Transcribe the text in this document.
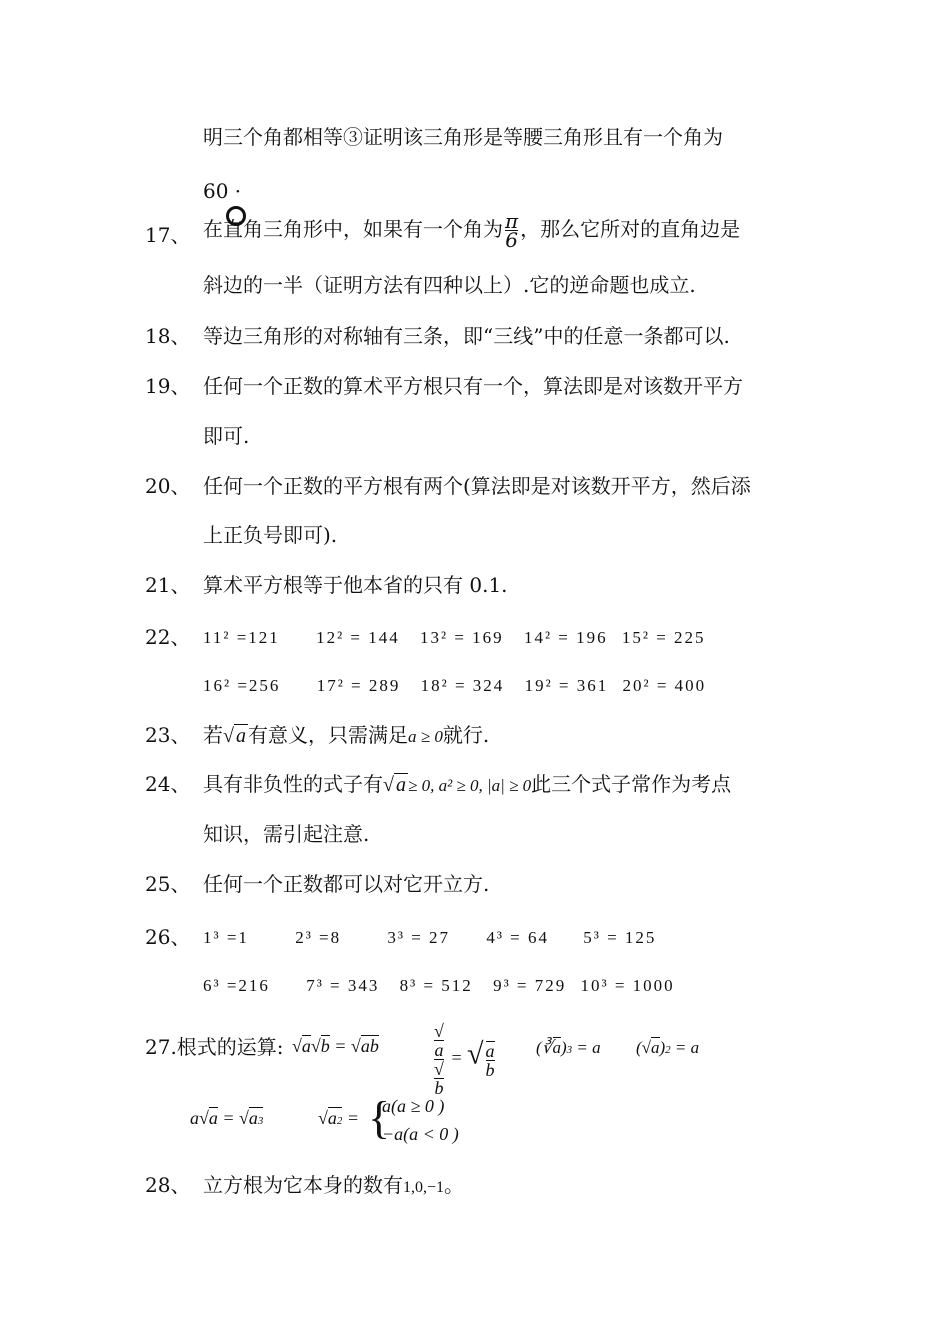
明三个角都相等③证明该三角形是等腰三角形且有一个角为
60 ·
17、 在直角三角形中，如果有一个角为 $\frac{\pi}{6}$ ，那么它所对的直角边是
斜边的一半（证明方法有四种以上）.它的逆命题也成立.
18、 等边三角形的对称轴有三条，即“三线”中的任意一条都可以.
19、 任何一个正数的算术平方根只有一个，算法即是对该数开平方
即可.
20、 任何一个正数的平方根有两个(算法即是对该数开平方，然后添
上正负号即可).
21、 算术平方根等于他本省的只有 0.1.
22、 11² =121 12² = 144 13² = 169 14² = 196 15² = 225
16² =256 17² = 289 18² = 324 19² = 361 20² = 400
23、 若√ a 有意义，只需满足a ≥ 0就行.
24、 具有非负性的式子有√ a ≥ 0, a² ≥ 0, |a| ≥ 0此三个式子常作为考点
知识，需引起注意.
25、 任何一个正数都可以对它开立方.
26、 1³ =1	2³ =8	3³ = 27 4³ = 64 5³ = 125
6³ =216 7³ = 343 8³ = 512 9³ = 729 10³ = 1000
27.根式的运算: √a√b = √ab	√
a
√
b = √ $\frac{a}{b}$ (∛a)3 = a (√a)2 = a
a√a = √a3	√a2 = {
a(a ≥ 0 )
−a(a < 0 )
28、 立方根为它本身的数有1,0,−1。
